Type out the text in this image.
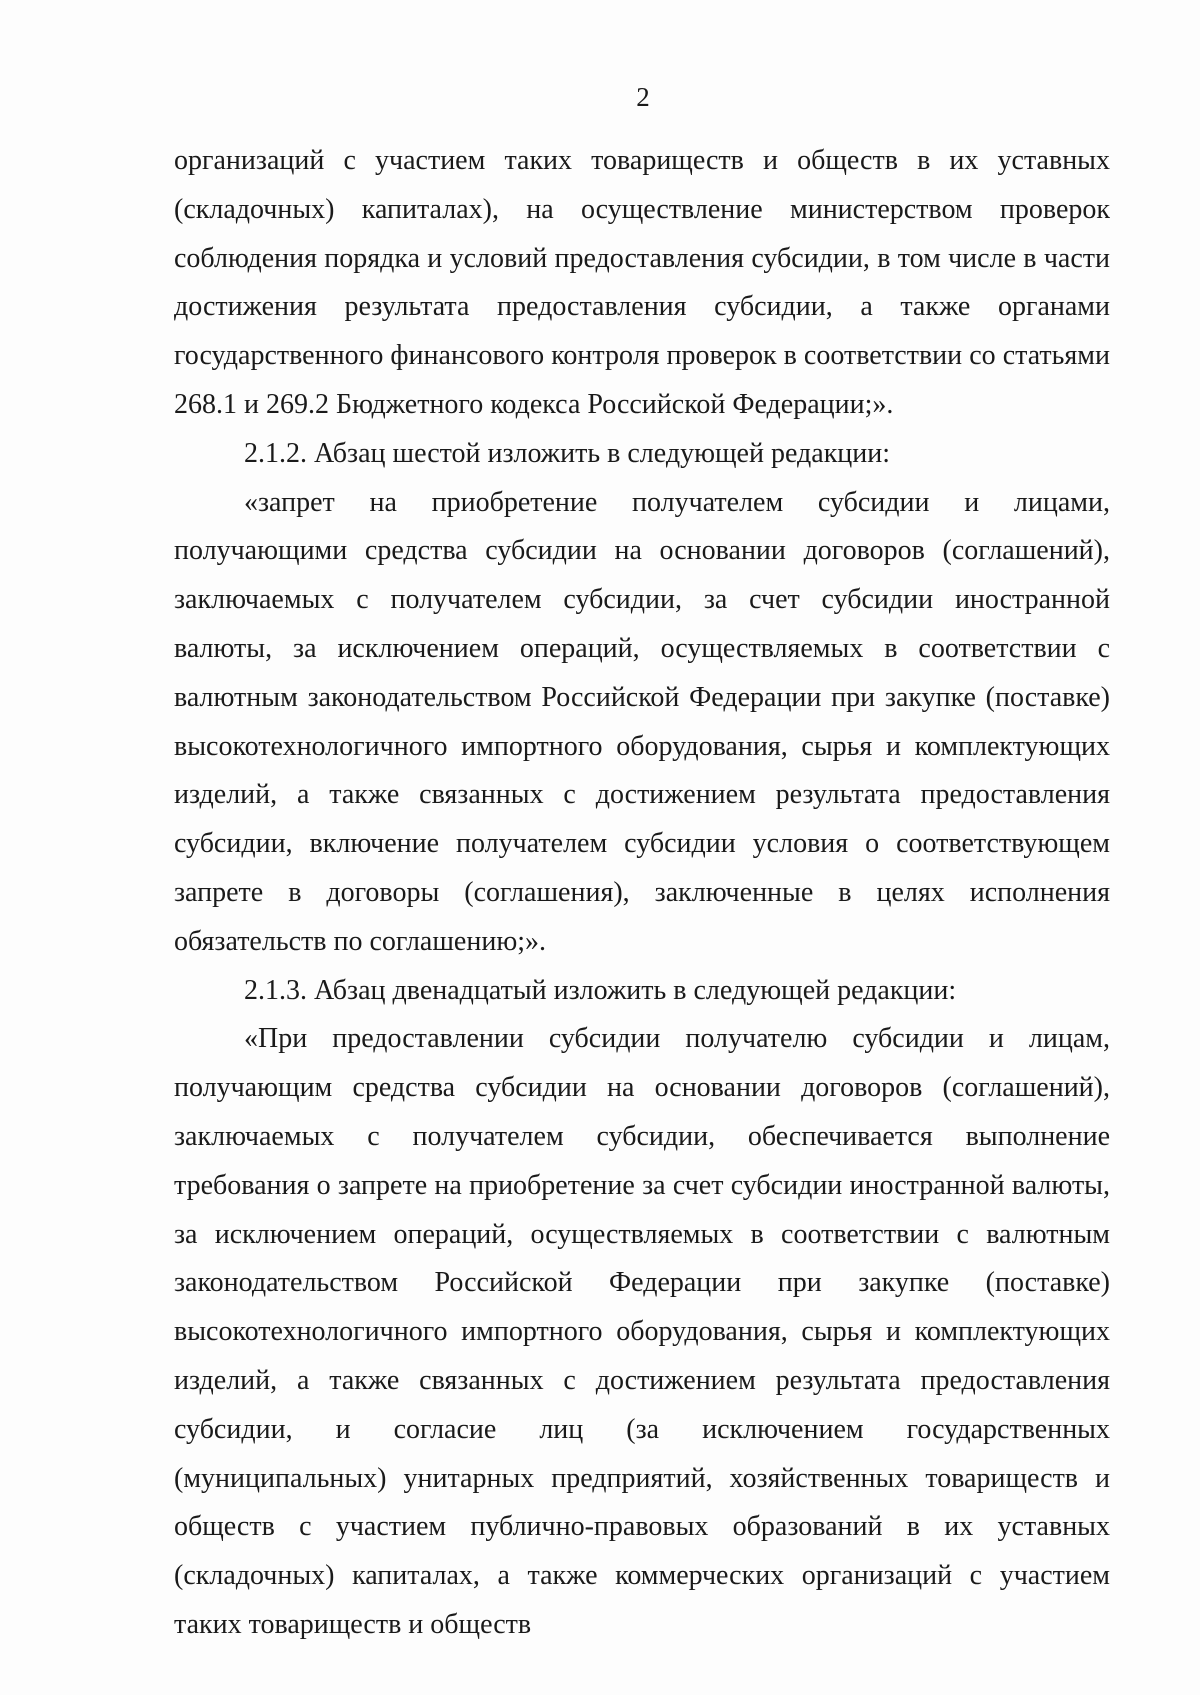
2

организаций с участием таких товариществ и обществ в их уставных (складочных) капиталах), на осуществление министерством проверок соблюдения порядка и условий предоставления субсидии, в том числе в части достижения результата предоставления субсидии, а также органами государственного финансового контроля проверок в соответствии со статьями 268.1 и 269.2 Бюджетного кодекса Российской Федерации;».

2.1.2. Абзац шестой изложить в следующей редакции:

«запрет на приобретение получателем субсидии и лицами, получающими средства субсидии на основании договоров (соглашений), заключаемых с получателем субсидии, за счет субсидии иностранной валюты, за исключением операций, осуществляемых в соответствии с валютным законодательством Российской Федерации при закупке (поставке) высокотехнологичного импортного оборудования, сырья и комплектующих изделий, а также связанных с достижением результата предоставления субсидии, включение получателем субсидии условия о соответствующем запрете в договоры (соглашения), заключенные в целях исполнения обязательств по соглашению;».

2.1.3. Абзац двенадцатый изложить в следующей редакции:

«При предоставлении субсидии получателю субсидии и лицам, получающим средства субсидии на основании договоров (соглашений), заключаемых с получателем субсидии, обеспечивается выполнение требования о запрете на приобретение за счет субсидии иностранной валюты, за исключением операций, осуществляемых в соответствии с валютным законодательством Российской Федерации при закупке (поставке) высокотехнологичного импортного оборудования, сырья и комплектующих изделий, а также связанных с достижением результата предоставления субсидии, и согласие лиц (за исключением государственных (муниципальных) унитарных предприятий, хозяйственных товариществ и обществ с участием публично-правовых образований в их уставных (складочных) капиталах, а также коммерческих организаций с участием таких товариществ и обществ
